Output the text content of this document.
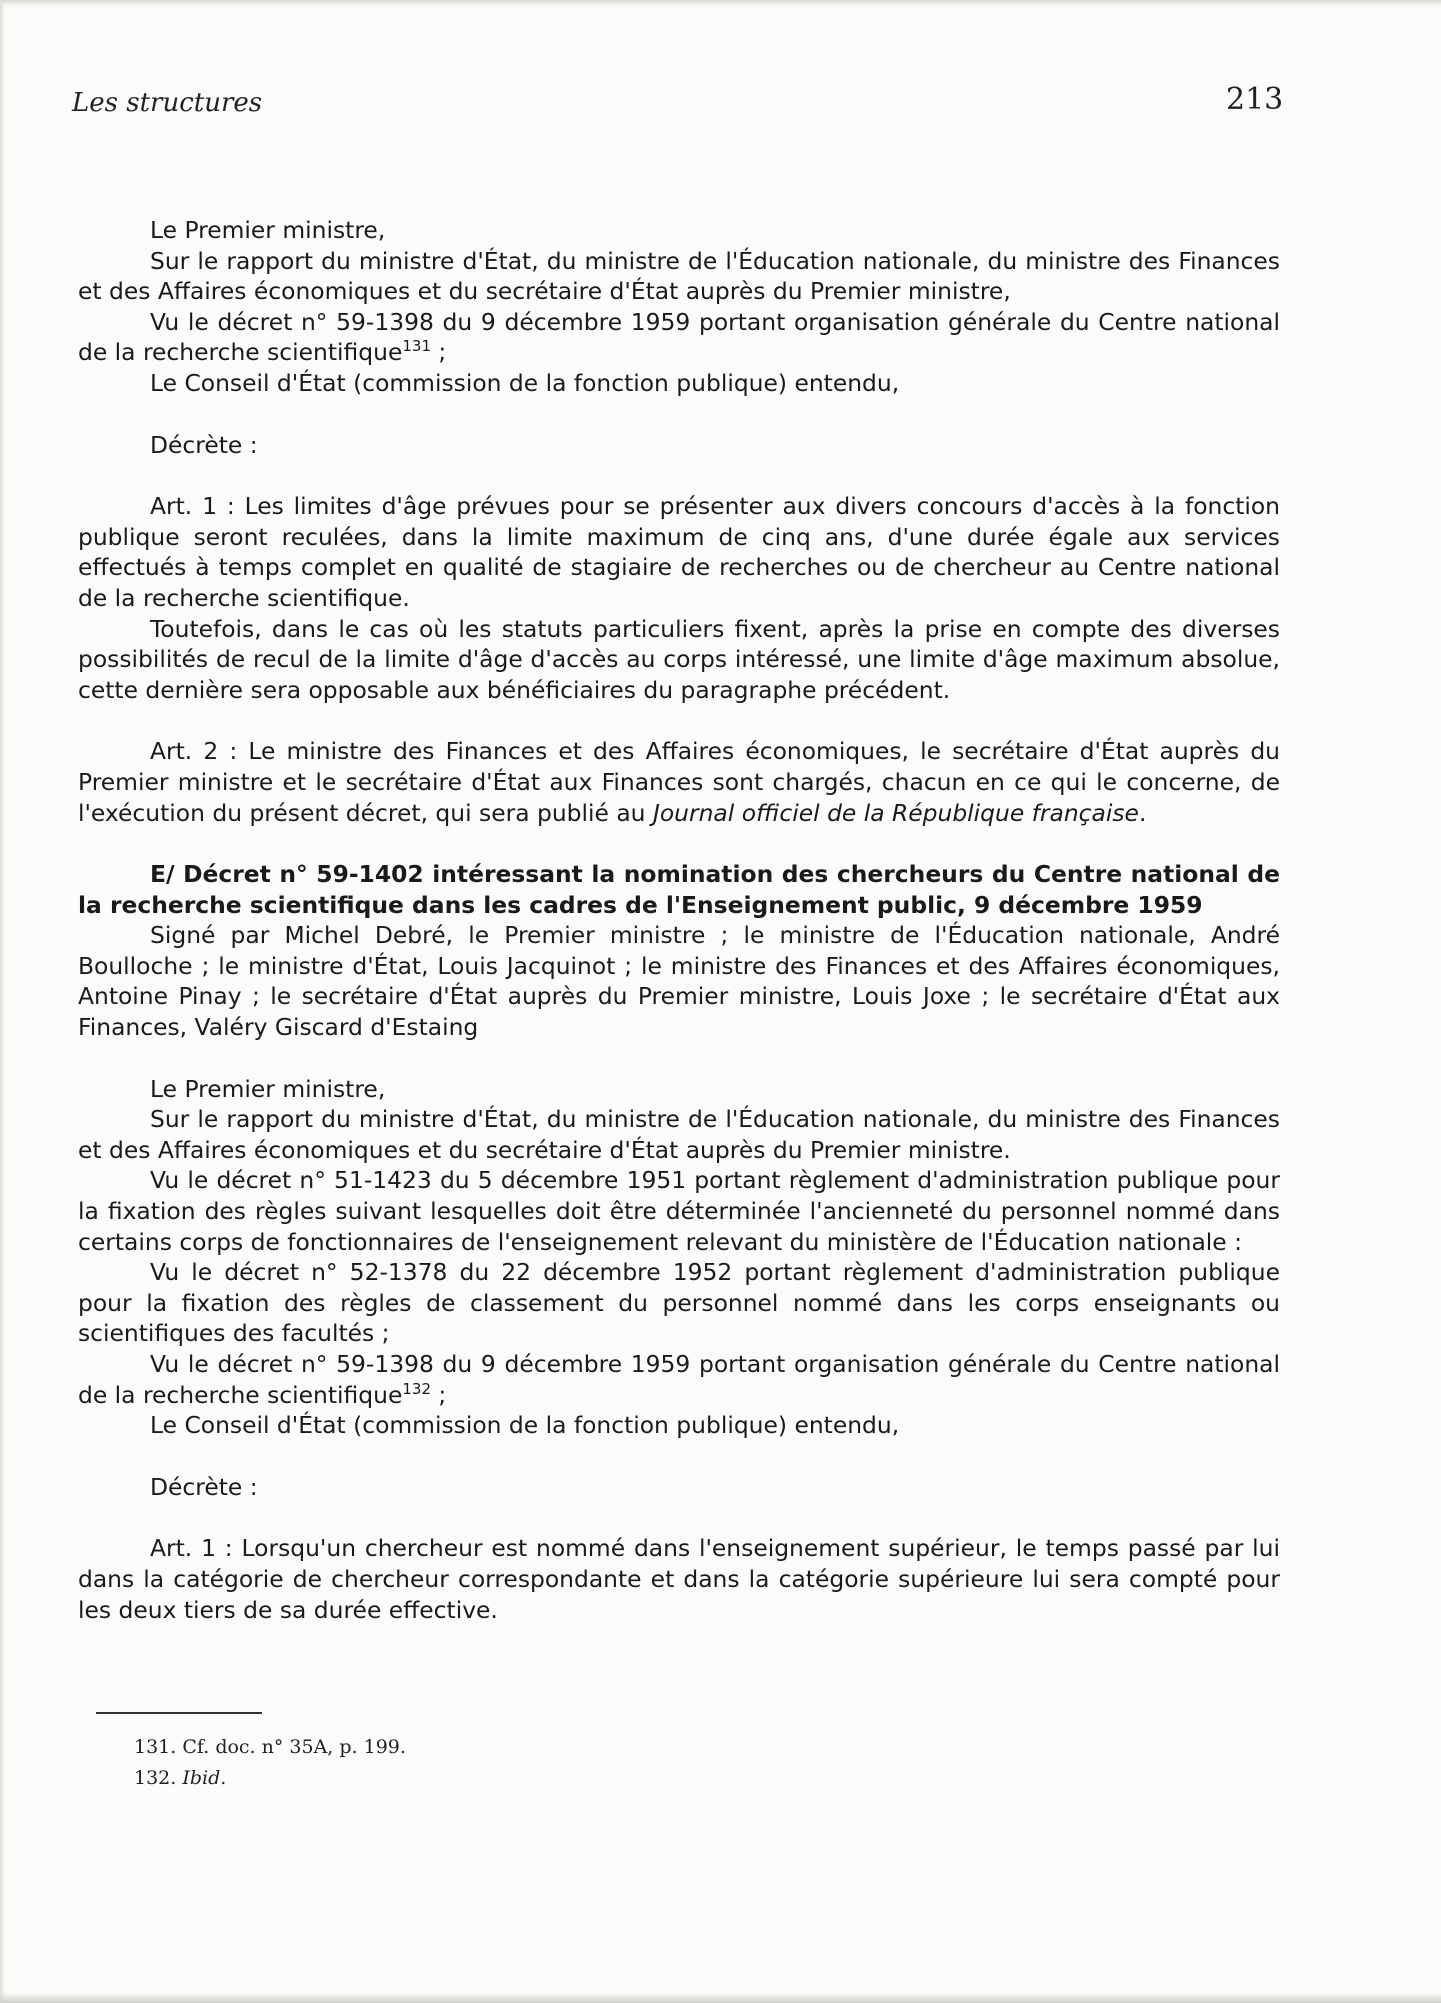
Les structures	213

Le Premier ministre,

Sur le rapport du ministre d'État, du ministre de l'Éducation nationale, du ministre des Finances et des Affaires économiques et du secrétaire d'État auprès du Premier ministre,

Vu le décret n° 59-1398 du 9 décembre 1959 portant organisation générale du Centre national de la recherche scientifique$^{131}$ ;

Le Conseil d'État (commission de la fonction publique) entendu,

Décrète :

Art. 1 : Les limites d'âge prévues pour se présenter aux divers concours d'accès à la fonction publique seront reculées, dans la limite maximum de cinq ans, d'une durée égale aux services effectués à temps complet en qualité de stagiaire de recherches ou de chercheur au Centre national de la recherche scientifique.

Toutefois, dans le cas où les statuts particuliers fixent, après la prise en compte des diverses possibilités de recul de la limite d'âge d'accès au corps intéressé, une limite d'âge maximum absolue, cette dernière sera opposable aux bénéficiaires du paragraphe précédent.

Art. 2 : Le ministre des Finances et des Affaires économiques, le secrétaire d'État auprès du Premier ministre et le secrétaire d'État aux Finances sont chargés, chacun en ce qui le concerne, de l'exécution du présent décret, qui sera publié au Journal officiel de la République française.

E/ Décret n° 59-1402 intéressant la nomination des chercheurs du Centre national de la recherche scientifique dans les cadres de l'Enseignement public, 9 décembre 1959

Signé par Michel Debré, le Premier ministre ; le ministre de l'Éducation nationale, André Boulloche ; le ministre d'État, Louis Jacquinot ; le ministre des Finances et des Affaires économiques, Antoine Pinay ; le secrétaire d'État auprès du Premier ministre, Louis Joxe ; le secrétaire d'État aux Finances, Valéry Giscard d'Estaing

Le Premier ministre,

Sur le rapport du ministre d'État, du ministre de l'Éducation nationale, du ministre des Finances et des Affaires économiques et du secrétaire d'État auprès du Premier ministre.

Vu le décret n° 51-1423 du 5 décembre 1951 portant règlement d'administration publique pour la fixation des règles suivant lesquelles doit être déterminée l'ancienneté du personnel nommé dans certains corps de fonctionnaires de l'enseignement relevant du ministère de l'Éducation nationale :

Vu le décret n° 52-1378 du 22 décembre 1952 portant règlement d'administration publique pour la fixation des règles de classement du personnel nommé dans les corps enseignants ou scientifiques des facultés ;

Vu le décret n° 59-1398 du 9 décembre 1959 portant organisation générale du Centre national de la recherche scientifique$^{132}$ ;

Le Conseil d'État (commission de la fonction publique) entendu,

Décrète :

Art. 1 : Lorsqu'un chercheur est nommé dans l'enseignement supérieur, le temps passé par lui dans la catégorie de chercheur correspondante et dans la catégorie supérieure lui sera compté pour les deux tiers de sa durée effective.

131. Cf. doc. n° 35A, p. 199.

132. Ibid.
